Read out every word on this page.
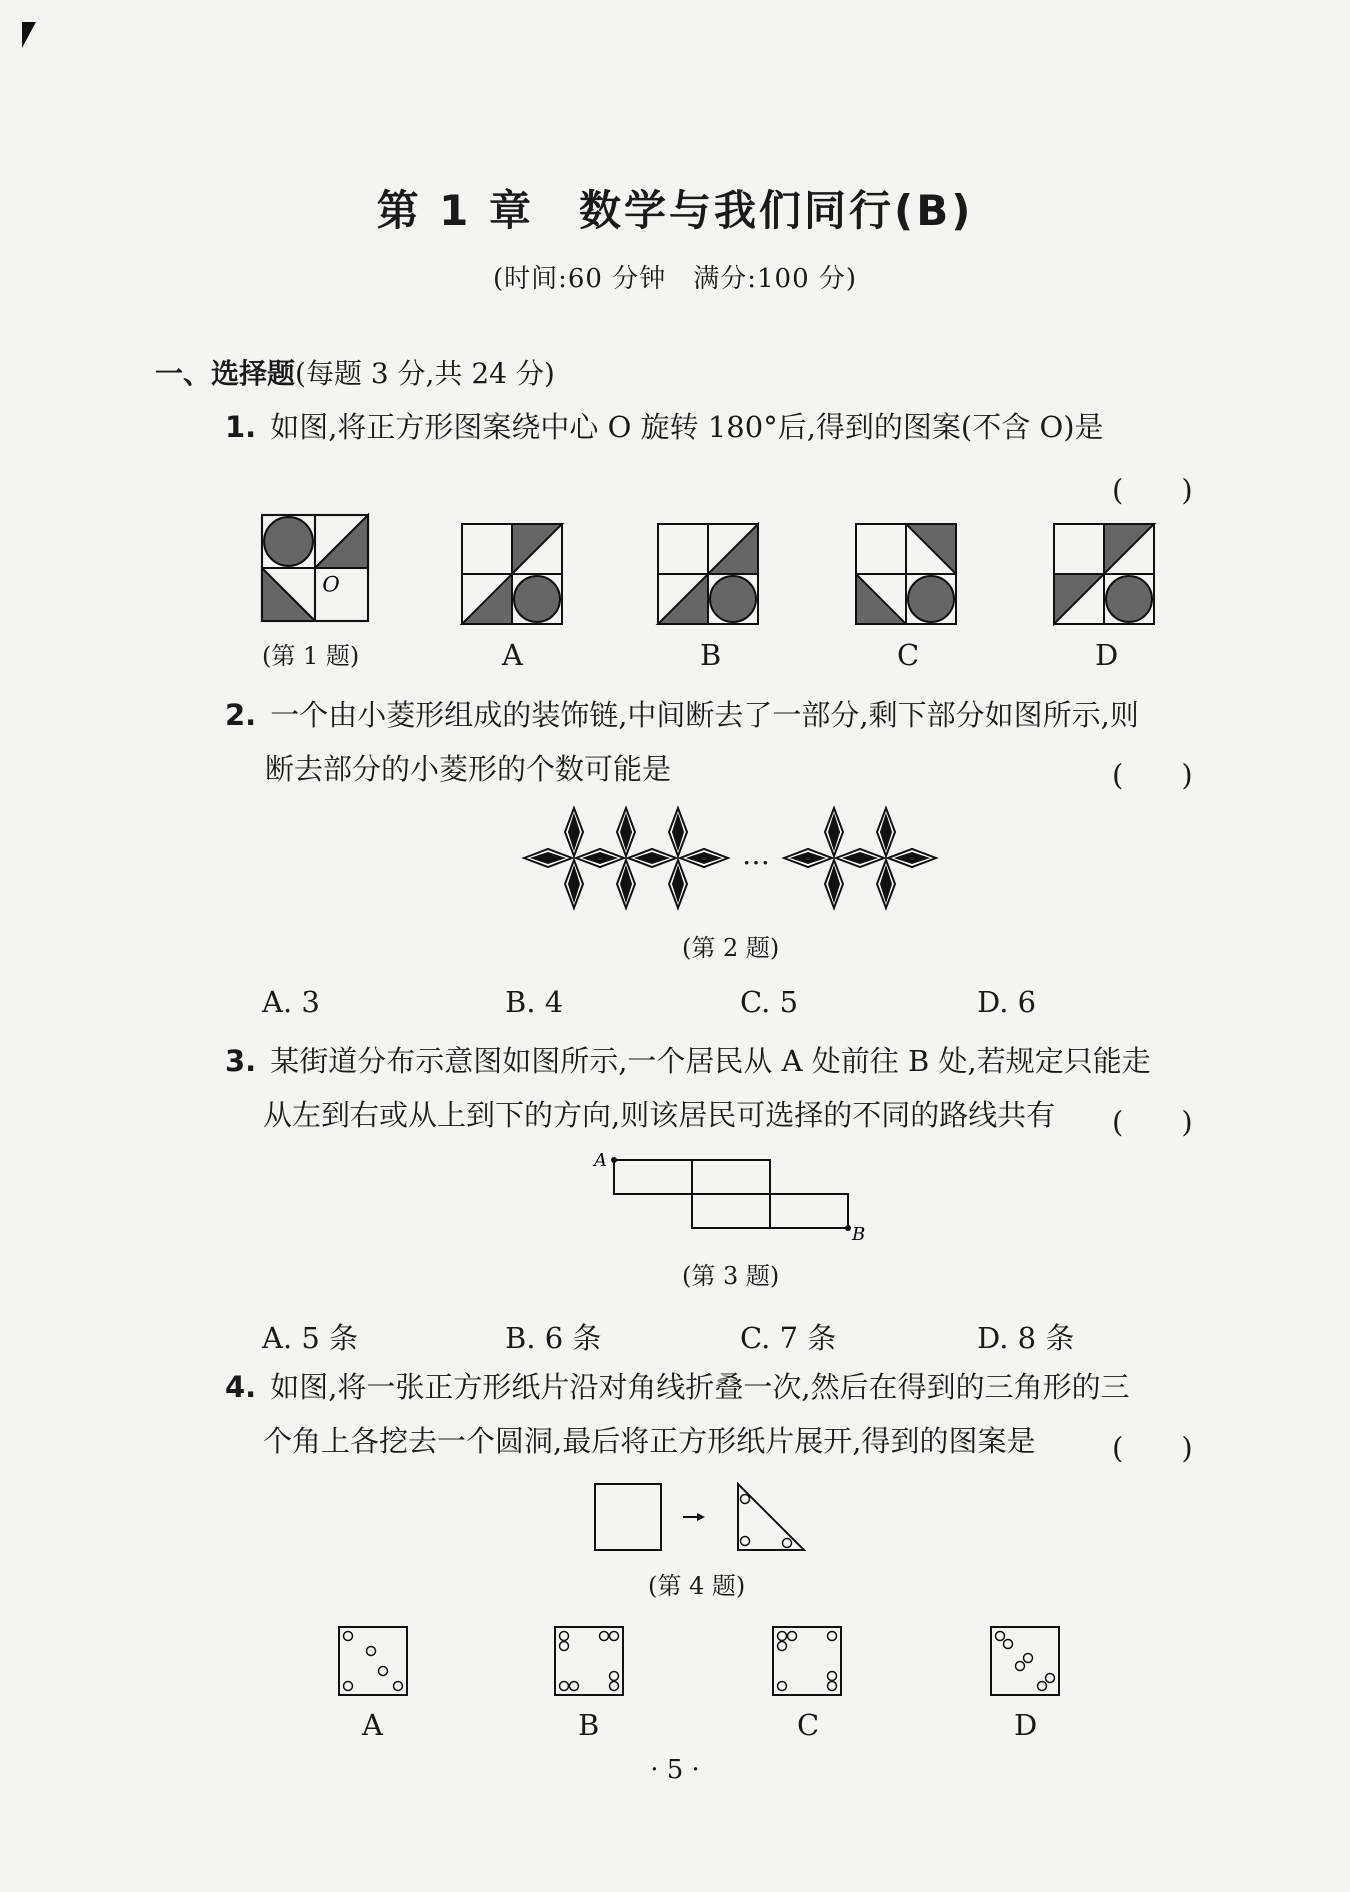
第 1 章　数学与我们同行(B)
(时间:60 分钟　满分:100 分)
一、选择题(每题 3 分,共 24 分)
1. 如图,将正方形图案绕中心 O 旋转 180°后,得到的图案(不含 O)是
(　　)
O
(第 1 题)	A	B	C	D
2. 一个由小菱形组成的装饰链,中间断去了一部分,剩下部分如图所示,则
断去部分的小菱形的个数可能是	(　　)
…
(第 2 题)
A. 3	B. 4	C. 5	D. 6
3. 某街道分布示意图如图所示,一个居民从 A 处前往 B 处,若规定只能走
从左到右或从上到下的方向,则该居民可选择的不同的路线共有	(　　)
A
B
(第 3 题)
A. 5 条	B. 6 条	C. 7 条	D. 8 条
4. 如图,将一张正方形纸片沿对角线折叠一次,然后在得到的三角形的三
个角上各挖去一个圆洞,最后将正方形纸片展开,得到的图案是	(　　)
(第 4 题)
A	B	C	D
· 5 ·
